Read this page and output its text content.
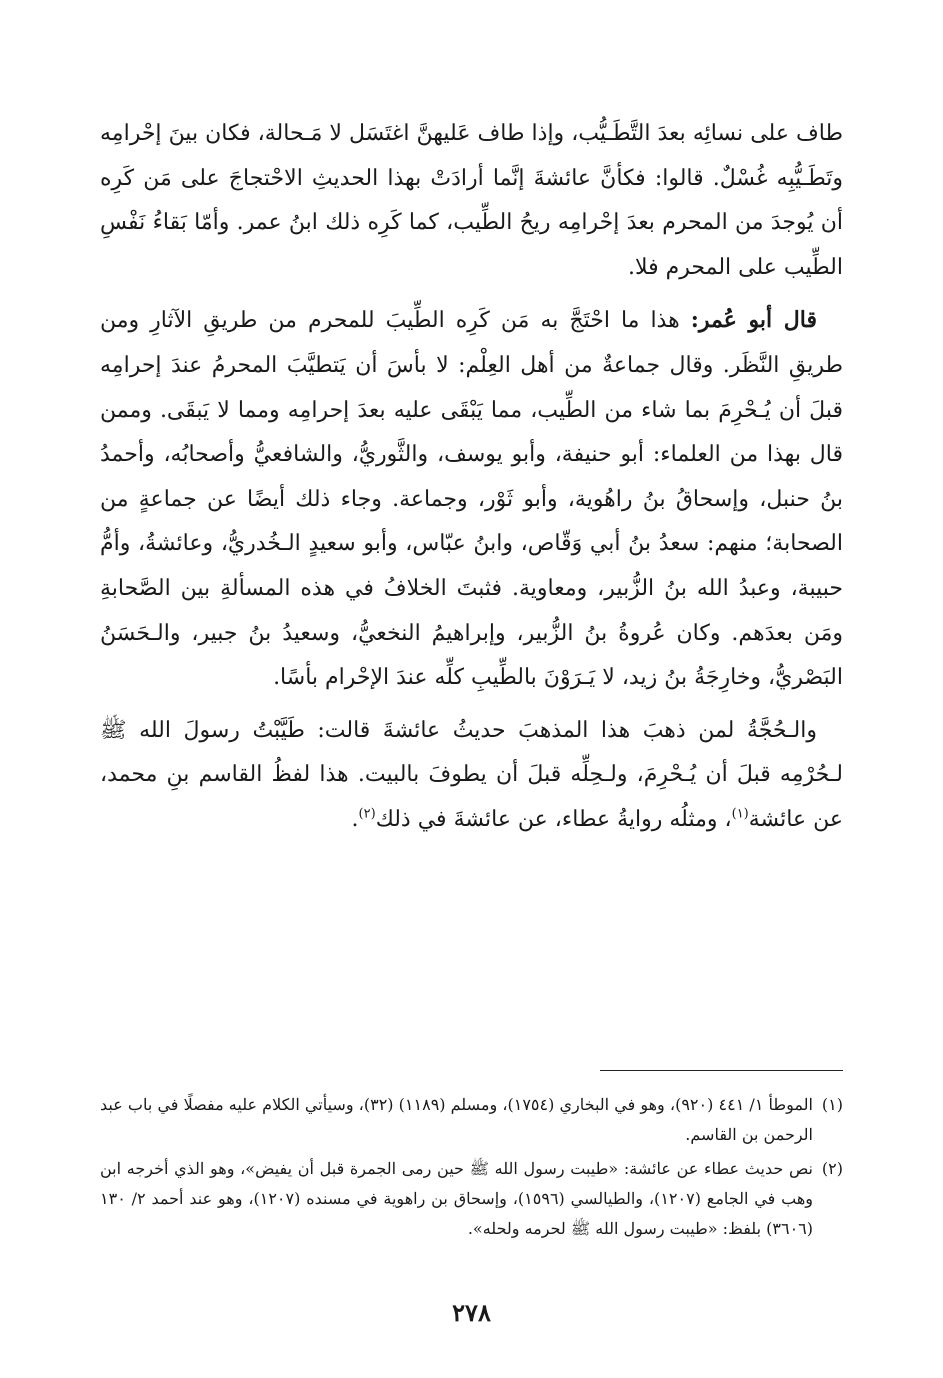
طاف على نسائِه بعدَ التَّطَـيُّب، وإذا طاف عَليهنَّ اغتَسَل لا مَـحالة، فكان بينَ إحْرامِه وتَطَـيُّبِه غُسْلٌ. قالوا: فكأنَّ عائشةَ إنَّما أرادَتْ بهذا الحديثِ الاحْتجاجَ على مَن كَرِه أن يُوجدَ من المحرم بعدَ إحْرامِه ريحُ الطِّيب، كما كَرِه ذلك ابنُ عمر. وأمّا بَقاءُ نَفْسِ الطِّيب على المحرم فلا.

قال أبو عُمر: هذا ما احْتَجَّ به مَن كَرِه الطِّيبَ للمحرم من طريقِ الآثارِ ومن طريقِ النَّظَر. وقال جماعةٌ من أهل العِلْم: لا بأسَ أن يَتطيَّبَ المحرمُ عندَ إحرامِه قبلَ أن يُـحْرِمَ بما شاء من الطِّيب، مما يَبْقَى عليه بعدَ إحرامِه ومما لا يَبقَى. وممن قال بهذا من العلماء: أبو حنيفة، وأبو يوسف، والثَّوريُّ، والشافعيُّ وأصحابُه، وأحمدُ بنُ حنبل، وإسحاقُ بنُ راهُوية، وأبو ثَوْر، وجماعة. وجاء ذلك أيضًا عن جماعةٍ من الصحابة؛ منهم: سعدُ بنُ أبي وَقّاص، وابنُ عبّاس، وأبو سعيدٍ الـخُدريُّ، وعائشةُ، وأمُّ حبيبة، وعبدُ الله بنُ الزُّبير، ومعاوية. فثبتَ الخلافُ في هذه المسألةِ بين الصَّحابةِ ومَن بعدَهم. وكان عُروةُ بنُ الزُّبير، وإبراهيمُ النخعيُّ، وسعيدُ بنُ جبير، والـحَسَنُ البَصْريُّ، وخارِجَةُ بنُ زيد، لا يَـرَوْنَ بالطِّيبِ كلِّه عندَ الإحْرام بأسًا.

والـحُجَّةُ لمن ذهبَ هذا المذهبَ حديثُ عائشةَ قالت: طَيَّبْتُ رسولَ الله ﷺ لـحُرْمِه قبلَ أن يُـحْرِمَ، ولـحِلِّه قبلَ أن يطوفَ بالبيت. هذا لفظُ القاسم بنِ محمد، عن عائشة$^{(١)}$، ومثلُه روايةُ عطاء، عن عائشةَ في ذلك$^{(٢)}$.

(١)
الموطأ ١/ ٤٤١ (٩٢٠)، وهو في البخاري (١٧٥٤)، ومسلم (١١٨٩) (٣٢)، وسيأتي الكلام عليه مفصلًا في باب عبد الرحمن بن القاسم.
(٢)
نص حديث عطاء عن عائشة: «طيبت رسول الله ﷺ حين رمى الجمرة قبل أن يفيض»، وهو الذي أخرجه ابن وهب في الجامع (١٢٠٧)، والطيالسي (١٥٩٦)، وإسحاق بن راهوية في مسنده (١٢٠٧)، وهو عند أحمد ٢/ ١٣٠ (٣٦٠٦) بلفظ: «طيبت رسول الله ﷺ لحرمه ولحله».
٢٧٨
